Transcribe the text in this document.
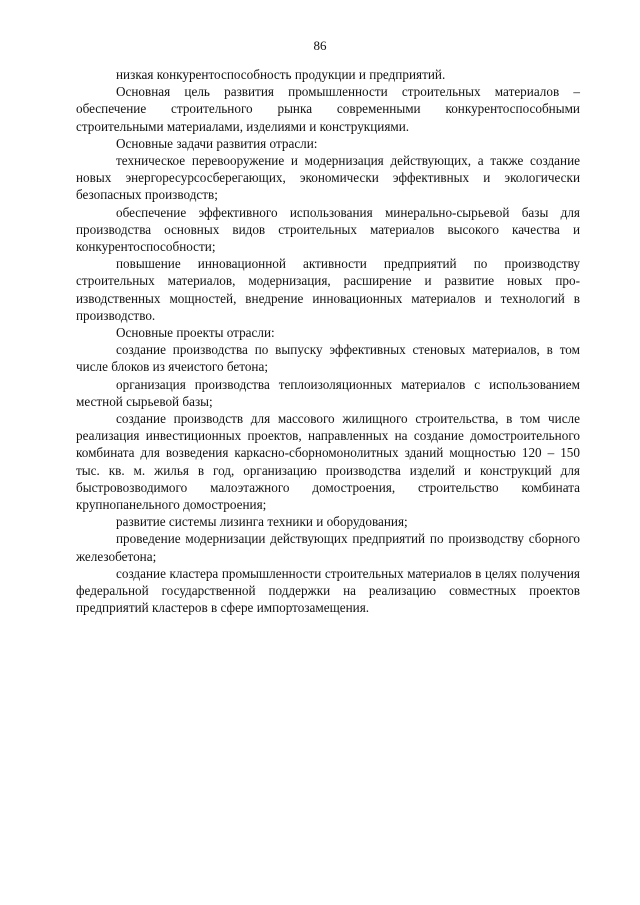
86

низкая конкурентоспособность продукции и предприятий.

Основная цель развития промышленности строительных материалов – обеспечение строительного рынка современными конкурентоспособными строительными материалами, изделиями и конструкциями.

Основные задачи развития отрасли:

техническое перевооружение и модернизация действующих, а также создание новых энергоресурсосберегающих, экономически эффективных и экологически безопасных производств;

обеспечение эффективного использования минерально-сырьевой базы для производства основных видов строительных материалов высокого качества и конкурентоспособности;

повышение инновационной активности предприятий по производству строительных материалов, модернизация, расширение и развитие новых производственных мощностей, внедрение инновационных материалов и технологий в производство.

Основные проекты отрасли:

создание производства по выпуску эффективных стеновых материалов, в том числе блоков из ячеистого бетона;

организация производства теплоизоляционных материалов с использованием местной сырьевой базы;

создание производств для массового жилищного строительства, в том числе реализация инвестиционных проектов, направленных на создание домостроительного комбината для возведения каркасно-сборномонолитных зданий мощностью 120 – 150 тыс. кв. м. жилья в год, организацию производства изделий и конструкций для быстровозводимого малоэтажного домостроения, строительство комбината крупнопанельного домостроения;

развитие системы лизинга техники и оборудования;

проведение модернизации действующих предприятий по производству сборного железобетона;

создание кластера промышленности строительных материалов в целях получения федеральной государственной поддержки на реализацию совместных проектов предприятий кластеров в сфере импортозамещения.
